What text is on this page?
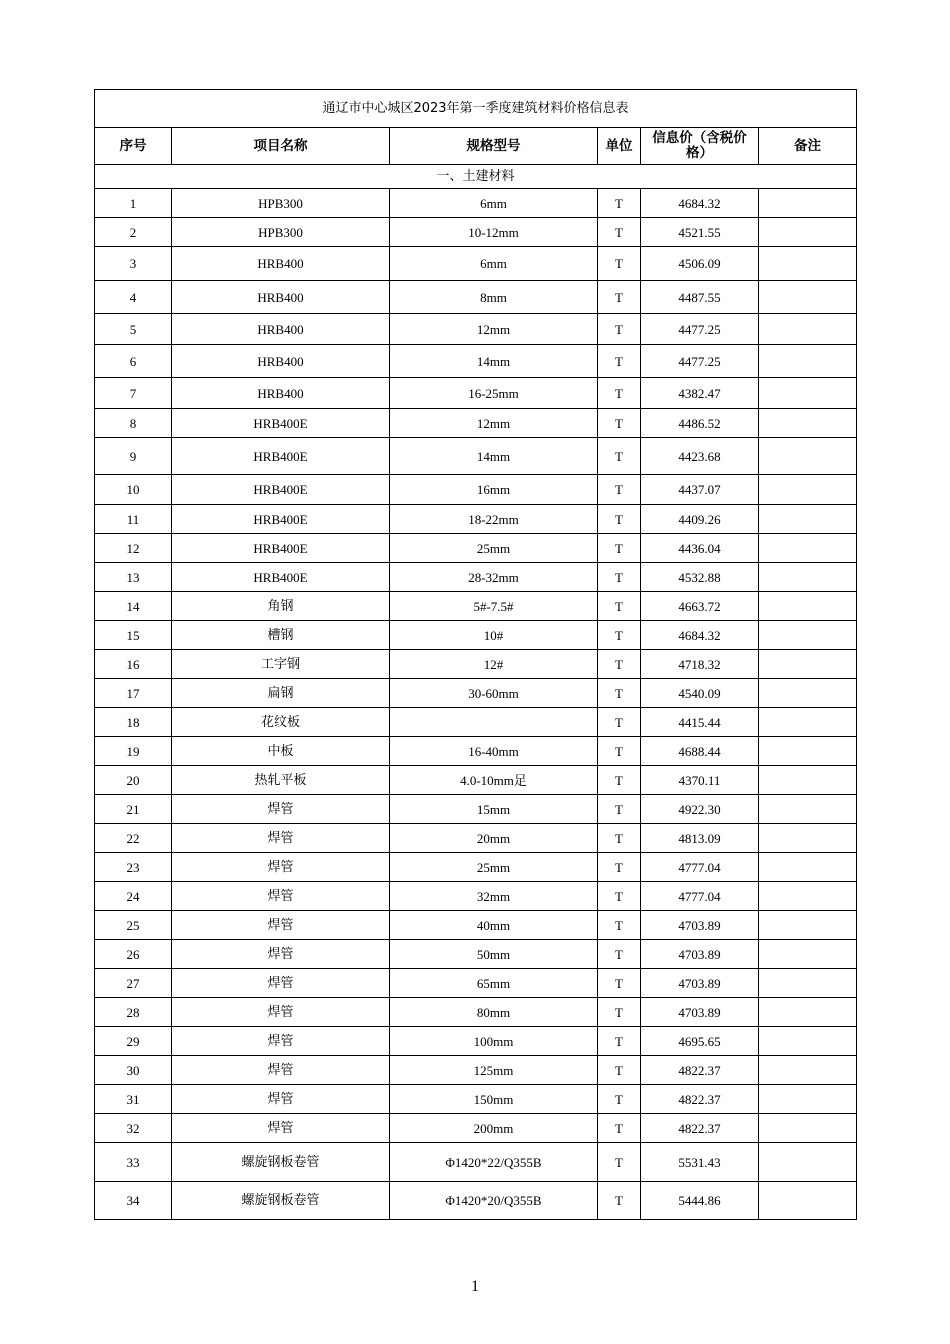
通辽市中心城区2023年第一季度建筑材料价格信息表					
序号	项目名称	规格型号	单位	信息价（含税价格）	备注
一、土建材料					
1	HPB300	6mm	T	4684.32	
2	HPB300	10-12mm	T	4521.55	
3	HRB400	6mm	T	4506.09	
4	HRB400	8mm	T	4487.55	
5	HRB400	12mm	T	4477.25	
6	HRB400	14mm	T	4477.25	
7	HRB400	16-25mm	T	4382.47	
8	HRB400E	12mm	T	4486.52	
9	HRB400E	14mm	T	4423.68	
10	HRB400E	16mm	T	4437.07	
11	HRB400E	18-22mm	T	4409.26	
12	HRB400E	25mm	T	4436.04	
13	HRB400E	28-32mm	T	4532.88	
14	角钢	5#-7.5#	T	4663.72	
15	槽钢	10#	T	4684.32	
16	工字钢	12#	T	4718.32	
17	扁钢	30-60mm	T	4540.09	
18	花纹板		T	4415.44	
19	中板	16-40mm	T	4688.44	
20	热轧平板	4.0-10mm足	T	4370.11	
21	焊管	15mm	T	4922.30	
22	焊管	20mm	T	4813.09	
23	焊管	25mm	T	4777.04	
24	焊管	32mm	T	4777.04	
25	焊管	40mm	T	4703.89	
26	焊管	50mm	T	4703.89	
27	焊管	65mm	T	4703.89	
28	焊管	80mm	T	4703.89	
29	焊管	100mm	T	4695.65	
30	焊管	125mm	T	4822.37	
31	焊管	150mm	T	4822.37	
32	焊管	200mm	T	4822.37	
33	螺旋钢板卷管	Φ1420*22/Q355B	T	5531.43	
34	螺旋钢板卷管	Φ1420*20/Q355B	T	5444.86	
1
